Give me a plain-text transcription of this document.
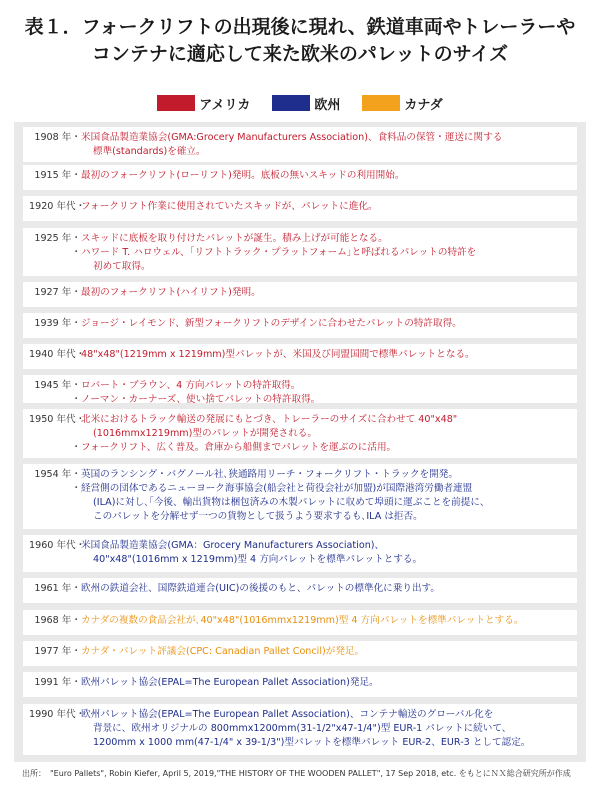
表１．フォークリフトの出現後に現れ、鉄道車両やトレーラーや
コンテナに適応して来た欧米のパレットのサイズ
アメリカ	欧州	カナダ
1908 年・ 米国食品製造業協会(GMA:Grocery Manufacturers Association)、食料品の保管・運送に関する
標準(standards)を確立。
1915 年・ 最初のフォークリフト(ローリフト)発明。底板の無いスキッドの利用開始。
1920 年代・
フォークリフト作業に使用されていたスキッドが、パレットに進化。
1925 年・ スキッドに底板を取り付けたパレットが誕生。積み上げが可能となる。
・ ハワード T. ハロウェル、｢リフトトラック・プラットフォーム｣と呼ばれるパレットの特許を
初めて取得。
1927 年・ 最初のフォークリフト(ハイリフト)発明。
1939 年・ ジョージ・レイモンド、新型フォークリフトのデザインに合わせたパレットの特許取得。
1940 年代・
48"x48"(1219mm x 1219mm)型パレットが、米国及び同盟国間で標準パレットとなる。
1945 年・ ロバート・ブラウン、4 方向パレットの特許取得。
・ ノーマン・カーナーズ、使い捨てパレットの特許取得。
1950 年代・
北米におけるトラック輸送の発展にもとづき、トレーラーのサイズに合わせて 40"x48"
(1016mmx1219mm)型のパレットが開発される。
・ フォークリフト、広く普及。倉庫から船側までパレットを運ぶのに活用。
1954 年・ 英国のランシング・バグノール社､狭通路用リーチ・フォークリフト・トラックを開発。
・ 経営側の団体であるニューヨーク海事協会(船会社と荷役会社が加盟)が国際港湾労働者連盟
(ILA)に対し､｢今後、輸出貨物は梱包済みの木製パレットに収めて埠頭に運ぶことを前提に、
このパレットを分解せず一つの貨物として扱うよう要求するも､ILA は拒否。
1960 年代・
米国食品製造業協会(GMA：Grocery Manufacturers Association)、
40"x48"(1016mm x 1219mm)型 4 方向パレットを標準パレットとする。
1961 年・ 欧州の鉄道会社、国際鉄道連合(UIC)の後援のもと、パレットの標準化に乗り出す。
1968 年・ カナダの複数の食品会社が､40"x48"(1016mmx1219mm)型 4 方向パレットを標準パレットとする。
1977 年・ カナダ・パレット評議会(CPC: Canadian Pallet Concil)が発足。
1991 年・ 欧州パレット協会(EPAL=The European Pallet Association)発足。
1990 年代・
欧州パレット協会(EPAL=The European Pallet Association)、コンテナ輸送のグローバル化を
背景に、欧州オリジナルの 800mmx1200mm(31-1/2"x47-1/4")型 EUR-1 パレットに続いて、
1200mm x 1000 mm(47-1/4" x 39-1/3")型パレットを標準パレット EUR-2、EUR-3 として認定。
出所：　"Euro Pallets", Robin Kiefer, April 5, 2019,"THE HISTORY OF THE WOODEN PALLET", 17 Sep 2018, etc. をもとにＮＸ総合研究所が作成
